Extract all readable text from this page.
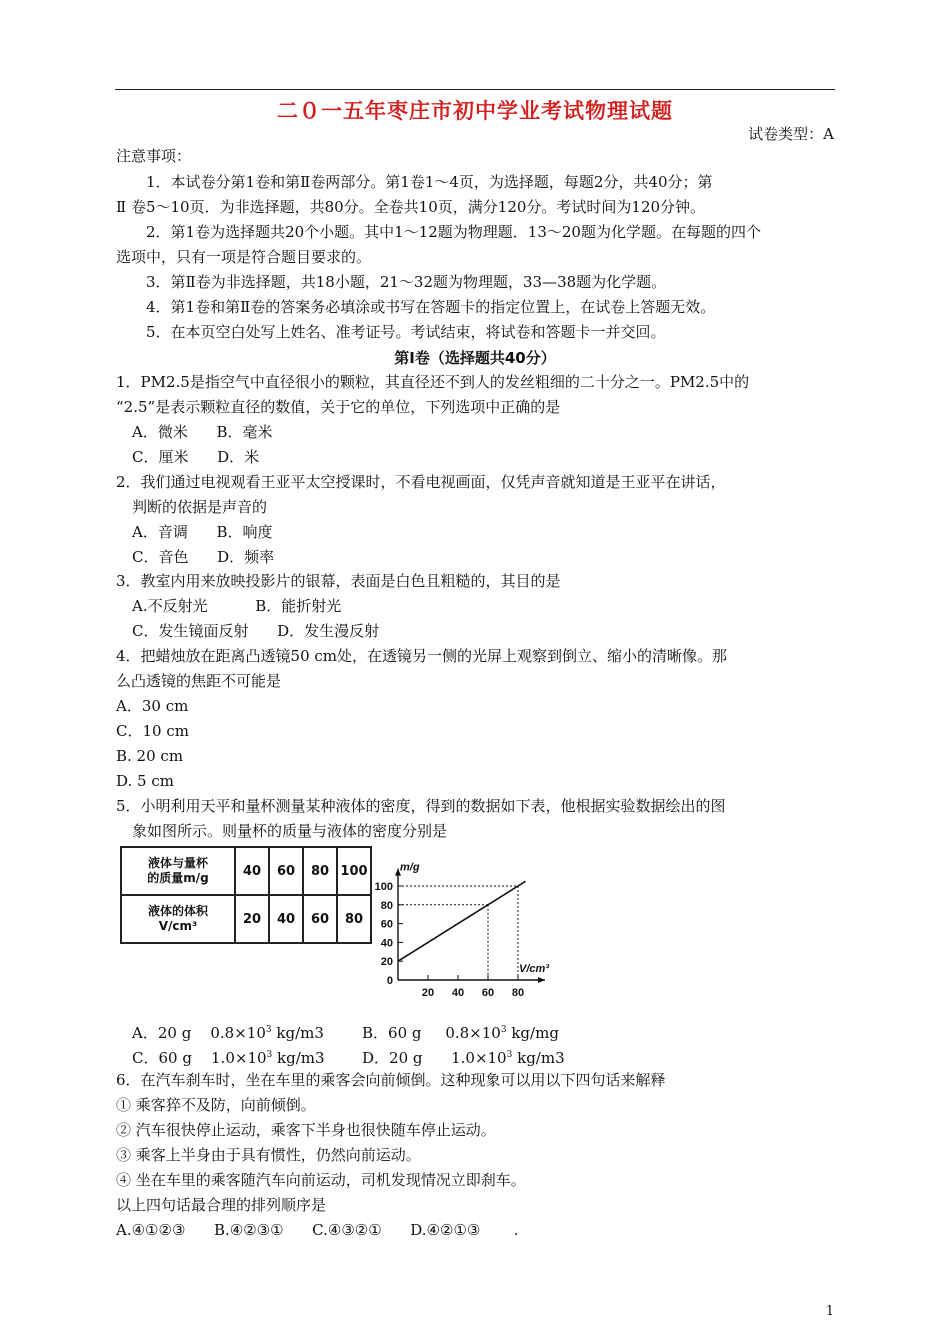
二０一五年枣庄市初中学业考试物理试题
试卷类型：A
注意事项：
1．本试卷分第1卷和第Ⅱ卷两部分。第1卷1～4页，为选择题，每题2分，共40分；第
Ⅱ 卷5～10页．为非选择题，共80分。全卷共10页，满分120分。考试时间为120分钟。
2．第1卷为选择题共20个小题。其中1～12题为物理题．13～20题为化学题。在每题的四个
选项中，只有一项是符合题目要求的。
3．第Ⅱ卷为非选择题，共18小题，21～32题为物理题，33—38题为化学题。
4．第1卷和第Ⅱ卷的答案务必填涂或书写在答题卡的指定位置上，在试卷上答题无效。
5．在本页空白处写上姓名、准考证号。考试结束，将试卷和答题卡一并交回。
第Ⅰ卷（选择题共40分）
1．PM2.5是指空气中直径很小的颗粒，其直径还不到人的发丝粗细的二十分之一。PM2.5中的
“2.5”是表示颗粒直径的数值，关于它的单位，下列选项中正确的是
A．微米      B．毫米
C．厘米      D．米
2．我们通过电视观看王亚平太空授课时，不看电视画面，仅凭声音就知道是王亚平在讲话，
判断的依据是声音的
A．音调      B．响度
C．音色      D．频率
3．教室内用来放映投影片的银幕，表面是白色且粗糙的，其目的是
A.不反射光          B．能折射光
C．发生镜面反射      D．发生漫反射
4．把蜡烛放在距离凸透镜50 cm处，在透镜另一侧的光屏上观察到倒立、缩小的清晰像。那
么凸透镜的焦距不可能是
A．30 cm
C．10 cm
B. 20 cm
D. 5 cm
5．小明利用天平和量杯测量某种液体的密度，得到的数据如下表，他根据实验数据绘出的图
象如图所示。则量杯的质量与液体的密度分别是
液体与量杯
的质量m/g	40	60	80	100
液体的体积
V/cm³	20	40	60	80
0
20
40
60
80
100
20 40 60 80
m/g
V/cm³
A．20 g $0.8\times 10^3$ kg/m3	B．60 g $0.8\times 10^3$ kg/mg
C．60 g $1.0\times 10^3$ kg/m3 D．20 g $1.0\times 10^3$ kg/m3
6．在汽车刹车时，坐在车里的乘客会向前倾倒。这种现象可以用以下四句话来解释
① 乘客猝不及防，向前倾倒。
② 汽车很快停止运动，乘客下半身也很快随车停止运动。
③ 乘客上半身由于具有惯性，仍然向前运动。
④ 坐在车里的乘客随汽车向前运动，司机发现情况立即刹车。
以上四句话最合理的排列顺序是
A.④①②③      B.④②③①      C.④③②①      D.④②①③       .
1
